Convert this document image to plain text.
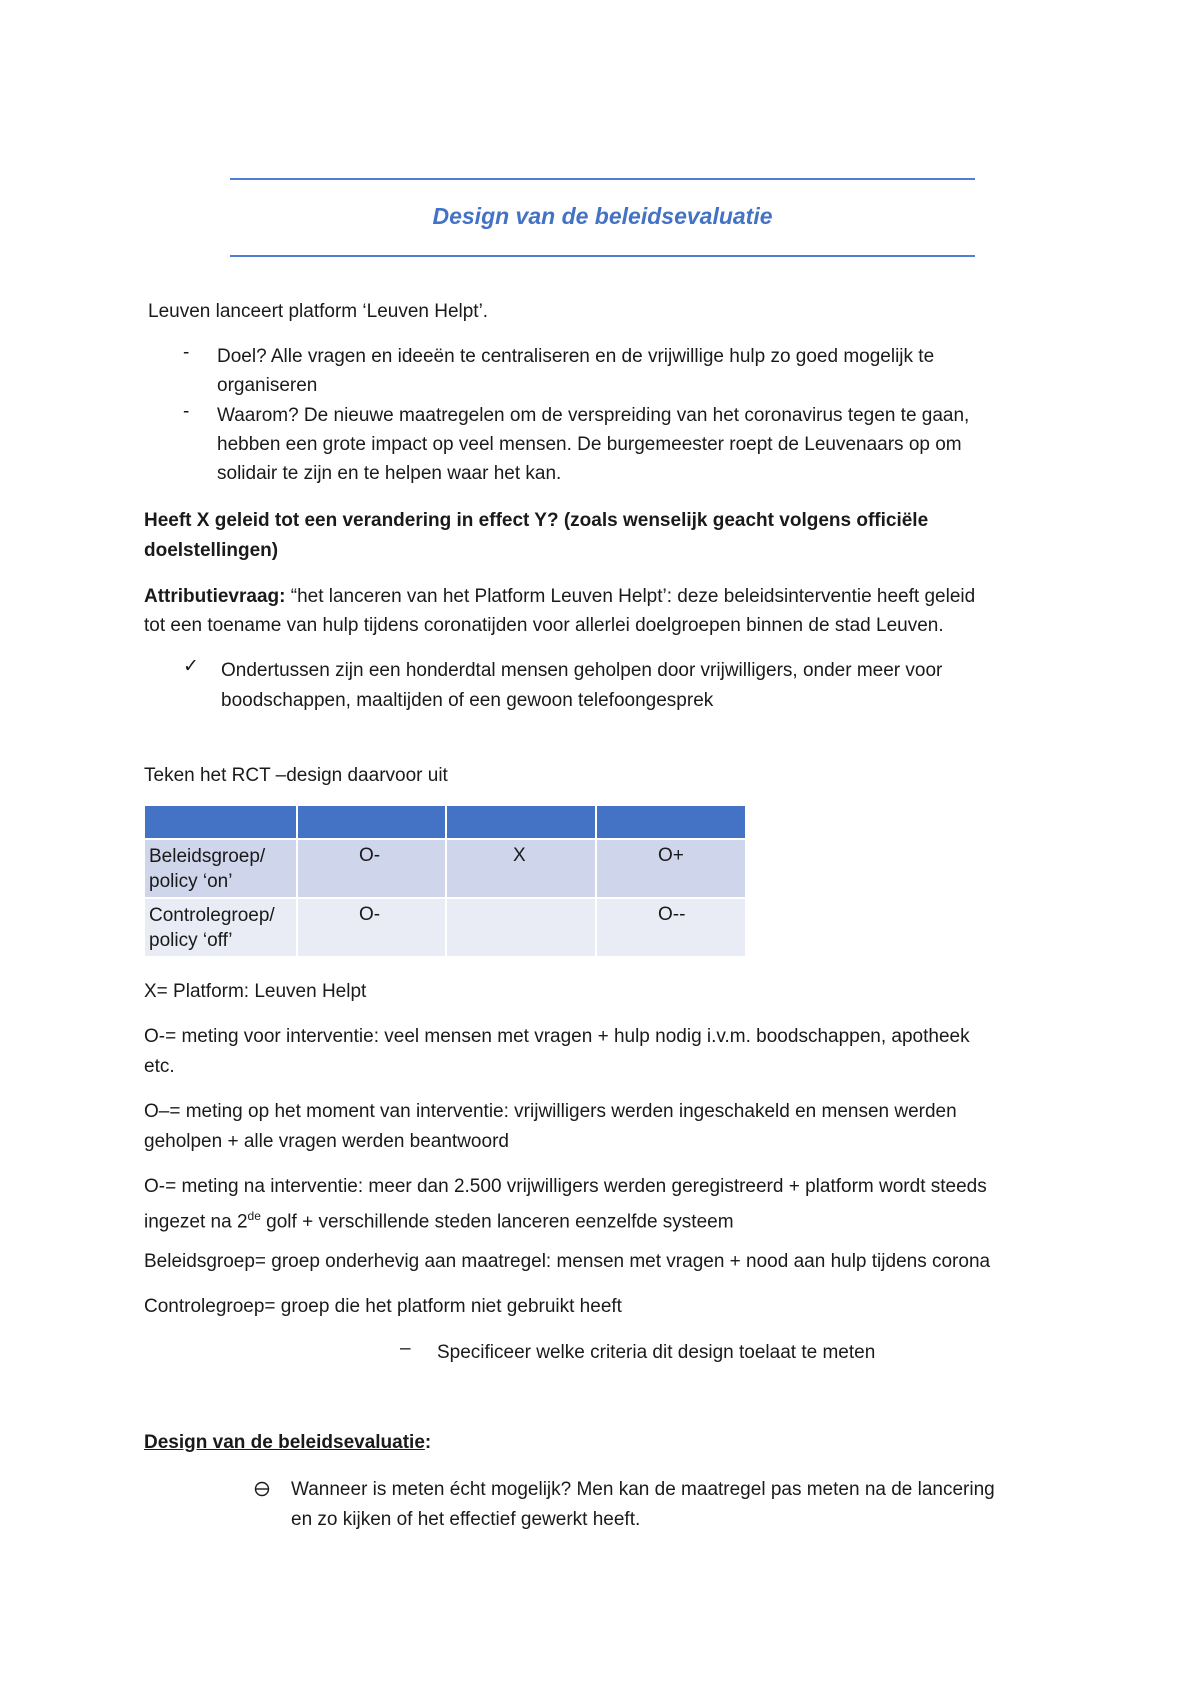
Design van de beleidsevaluatie
Leuven lanceert platform ‘Leuven Helpt’.
- Doel? Alle vragen en ideeën te centraliseren en de vrijwillige hulp zo goed mogelijk te
organiseren
- Waarom? De nieuwe maatregelen om de verspreiding van het coronavirus tegen te gaan,
hebben een grote impact op veel mensen. De burgemeester roept de Leuvenaars op om
solidair te zijn en te helpen waar het kan.
Heeft X geleid tot een verandering in effect Y? (zoals wenselijk geacht volgens officiële
doelstellingen)
Attributievraag: “het lanceren van het Platform Leuven Helpt’: deze beleidsinterventie heeft geleid
tot een toename van hulp tijdens coronatijden voor allerlei doelgroepen binnen de stad Leuven.
✓ Ondertussen zijn een honderdtal mensen geholpen door vrijwilligers, onder meer voor
boodschappen, maaltijden of een gewoon telefoongesprek
Teken het RCT –design daarvoor uit

Beleidsgroep/
policy ‘on’	O-	X	O+

Controlegroep/
policy ‘off’	O-		O--
X= Platform: Leuven Helpt
O-= meting voor interventie: veel mensen met vragen + hulp nodig i.v.m. boodschappen, apotheek
etc.
O–= meting op het moment van interventie: vrijwilligers werden ingeschakeld en mensen werden
geholpen + alle vragen werden beantwoord
O-= meting na interventie: meer dan 2.500 vrijwilligers werden geregistreerd + platform wordt steeds
ingezet na 2de golf + verschillende steden lanceren eenzelfde systeem
Beleidsgroep= groep onderhevig aan maatregel: mensen met vragen + nood aan hulp tijdens corona
Controlegroep= groep die het platform niet gebruikt heeft
– Specificeer welke criteria dit design toelaat te meten
Design van de beleidsevaluatie:
Wanneer is meten écht mogelijk? Men kan de maatregel pas meten na de lancering
en zo kijken of het effectief gewerkt heeft.
